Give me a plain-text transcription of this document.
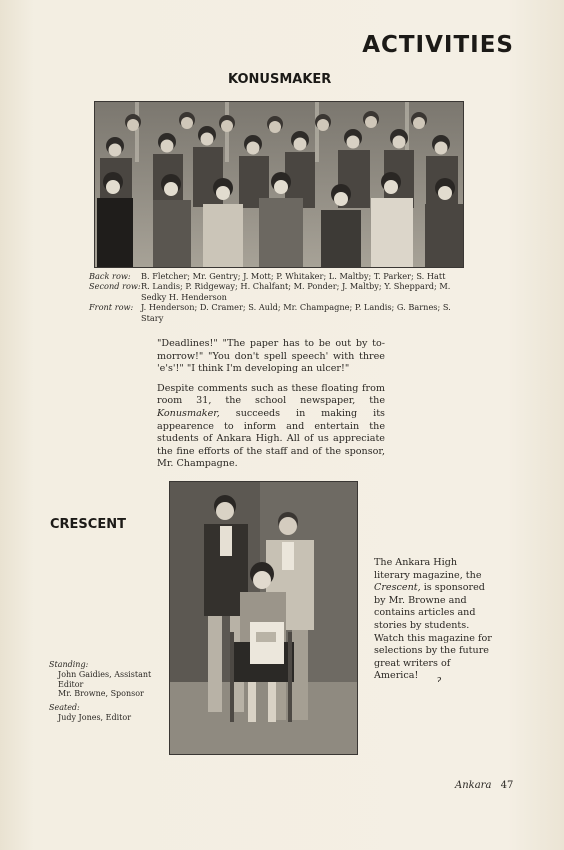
ACTIVITIES
KONUSMAKER
Back row:	B. Fletcher; Mr. Gentry; J. Mott; P. Whitaker; L. Maltby; T. Parker; S. Hatt
Second row: R. Landis; P. Ridgeway; H. Chalfant; M. Ponder; J. Maltby; Y. Sheppard; M. Sedky H. Henderson
Front row: J. Henderson; D. Cramer; S. Auld; Mr. Champagne; P. Landis; G. Barnes; S. Stary

"Deadlines!" "The paper has to be out by to-morrow!" "You don't spell speech' with three 'e's'!" "I think I'm developing an ulcer!"

Despite comments such as these floating from room 31, the school newspaper, the Konusmaker, succeeds in making its appearence to inform and entertain the students of Ankara High. All of us appreciate the fine efforts of the staff and of the sponsor, Mr. Champagne.

CRESCENT

The Ankara High literary magazine, the Crescent, is sponsored by Mr. Browne and contains articles and stories by students. Watch this magazine for selections by the future great writers of America!	ɂ
Standing:
John Gaidies, Assistant Editor
Mr. Browne, Sponsor
Seated:
Judy Jones, Editor
Ankara 47
